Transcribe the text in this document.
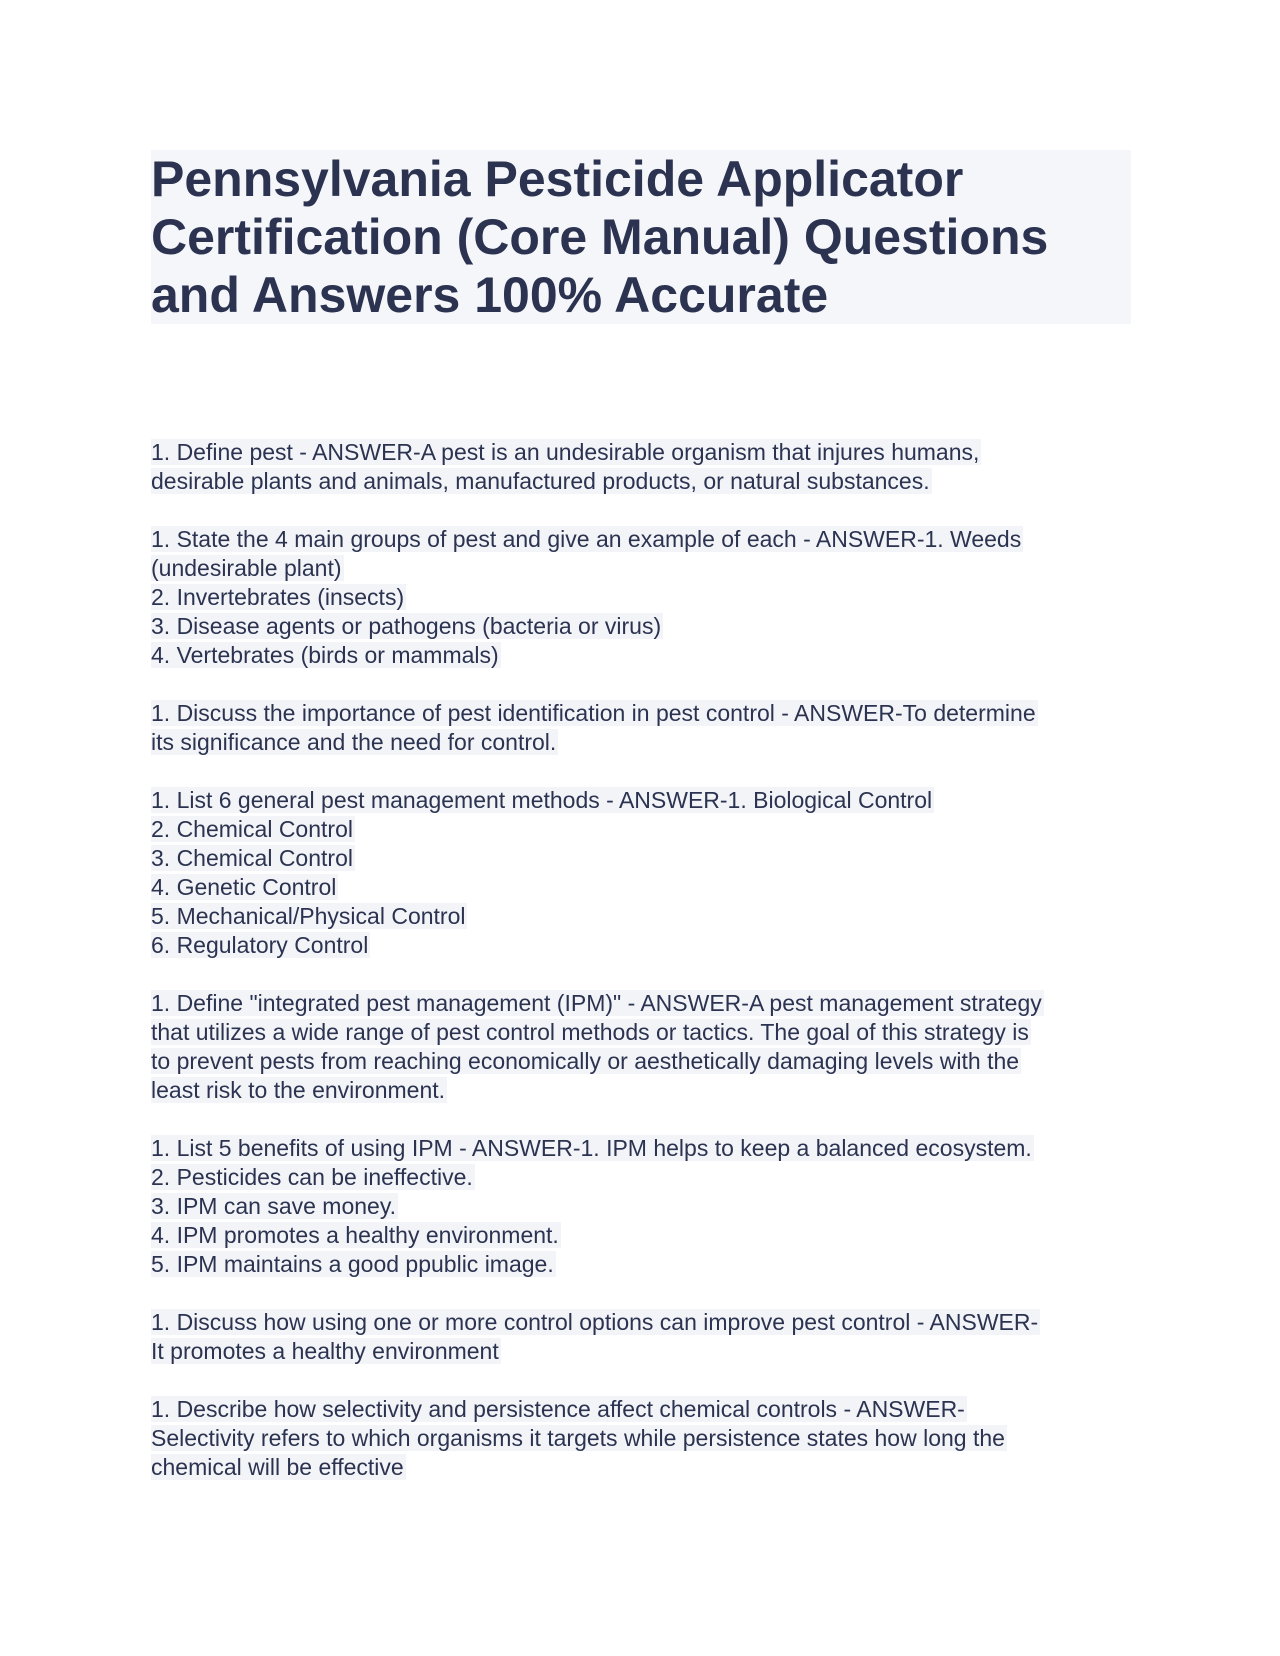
Pennsylvania Pesticide Applicator
Certification (Core Manual) Questions
and Answers 100% Accurate
1. Define pest - ANSWER-A pest is an undesirable organism that injures humans,
desirable plants and animals, manufactured products, or natural substances.
1. State the 4 main groups of pest and give an example of each - ANSWER-1. Weeds
(undesirable plant)
2. Invertebrates (insects)
3. Disease agents or pathogens (bacteria or virus)
4. Vertebrates (birds or mammals)
1. Discuss the importance of pest identification in pest control - ANSWER-To determine
its significance and the need for control.
1. List 6 general pest management methods - ANSWER-1. Biological Control
2. Chemical Control
3. Chemical Control
4. Genetic Control
5. Mechanical/Physical Control
6. Regulatory Control
1. Define "integrated pest management (IPM)" - ANSWER-A pest management strategy
that utilizes a wide range of pest control methods or tactics. The goal of this strategy is
to prevent pests from reaching economically or aesthetically damaging levels with the
least risk to the environment.
1. List 5 benefits of using IPM - ANSWER-1. IPM helps to keep a balanced ecosystem.
2. Pesticides can be ineffective.
3. IPM can save money.
4. IPM promotes a healthy environment.
5. IPM maintains a good ppublic image.
1. Discuss how using one or more control options can improve pest control - ANSWER-
It promotes a healthy environment
1. Describe how selectivity and persistence affect chemical controls - ANSWER-
Selectivity refers to which organisms it targets while persistence states how long the
chemical will be effective
